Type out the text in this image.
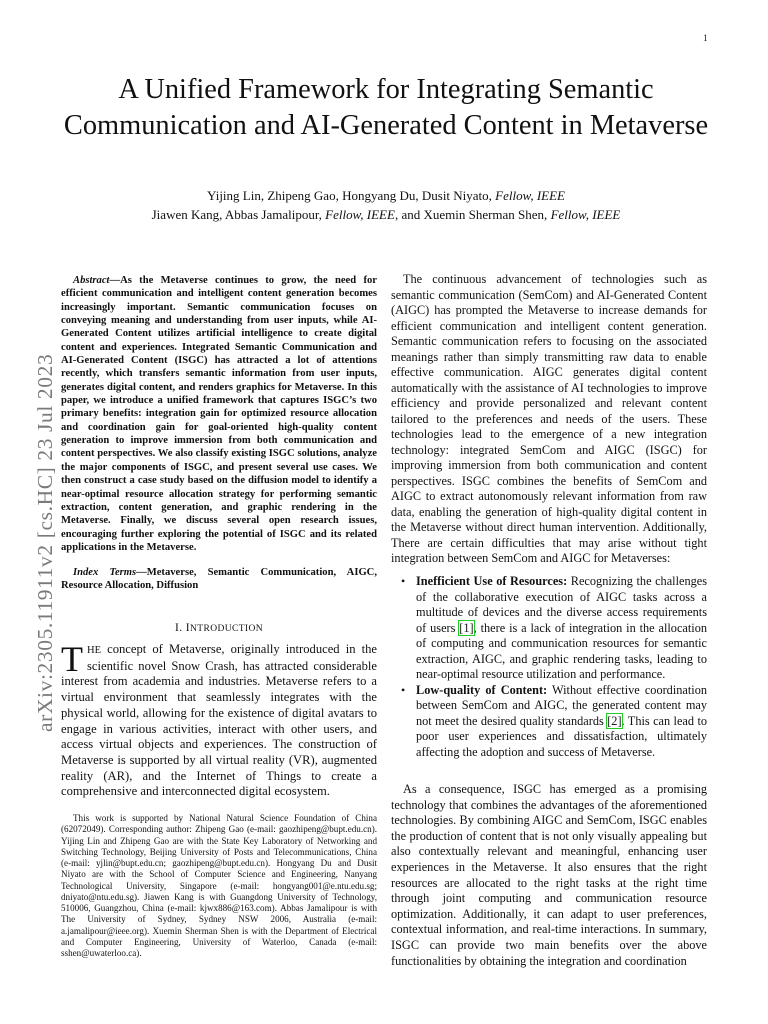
1
arXiv:2305.11911v2 [cs.HC] 23 Jul 2023
A Unified Framework for Integrating Semantic Communication and AI-Generated Content in Metaverse
Yijing Lin, Zhipeng Gao, Hongyang Du, Dusit Niyato, Fellow, IEEE
Jiawen Kang, Abbas Jamalipour, Fellow, IEEE, and Xuemin Sherman Shen, Fellow, IEEE
Abstract—As the Metaverse continues to grow, the need for efficient communication and intelligent content generation becomes increasingly important. Semantic communication focuses on conveying meaning and understanding from user inputs, while AI-Generated Content utilizes artificial intelligence to create digital content and experiences. Integrated Semantic Communication and AI-Generated Content (ISGC) has attracted a lot of attentions recently, which transfers semantic information from user inputs, generates digital content, and renders graphics for Metaverse. In this paper, we introduce a unified framework that captures ISGC’s two primary benefits: integration gain for optimized resource allocation and coordination gain for goal-oriented high-quality content generation to improve immersion from both communication and content perspectives. We also classify existing ISGC solutions, analyze the major components of ISGC, and present several use cases. We then construct a case study based on the diffusion model to identify a near-optimal resource allocation strategy for performing semantic extraction, content generation, and graphic rendering in the Metaverse. Finally, we discuss several open research issues, encouraging further exploring the potential of ISGC and its related applications in the Metaverse.
Index Terms—Metaverse, Semantic Communication, AIGC, Resource Allocation, Diffusion
I. INTRODUCTION
THE concept of Metaverse, originally introduced in the scientific novel Snow Crash, has attracted considerable interest from academia and industries. Metaverse refers to a virtual environment that seamlessly integrates with the physical world, allowing for the existence of digital avatars to engage in various activities, interact with other users, and access virtual objects and experiences. The construction of Metaverse is supported by all virtual reality (VR), augmented reality (AR), and the Internet of Things to create a comprehensive and interconnected digital ecosystem.
This work is supported by National Natural Science Foundation of China (62072049). Corresponding author: Zhipeng Gao (e-mail: gaozhipeng@bupt.edu.cn). Yijing Lin and Zhipeng Gao are with the State Key Laboratory of Networking and Switching Technology, Beijing University of Posts and Telecommunications, China (e-mail: yjlin@bupt.edu.cn; gaozhipeng@bupt.edu.cn). Hongyang Du and Dusit Niyato are with the School of Computer Science and Engineering, Nanyang Technological University, Singapore (e-mail: hongyang001@e.ntu.edu.sg; dniyato@ntu.edu.sg). Jiawen Kang is with Guangdong University of Technology, 510006, Guangzhou, China (e-mail: kjwx886@163.com). Abbas Jamalipour is with The University of Sydney, Sydney NSW 2006, Australia (e-mail: a.jamalipour@ieee.org). Xuemin Sherman Shen is with the Department of Electrical and Computer Engineering, University of Waterloo, Canada (e-mail: sshen@uwaterloo.ca).

The continuous advancement of technologies such as semantic communication (SemCom) and AI-Generated Content (AIGC) has prompted the Metaverse to increase demands for efficient communication and intelligent content generation. Semantic communication refers to focusing on the associated meanings rather than simply transmitting raw data to enable effective communication. AIGC generates digital content automatically with the assistance of AI technologies to improve efficiency and provide personalized and relevant content tailored to the preferences and needs of the users. These technologies lead to the emergence of a new integration technology: integrated SemCom and AIGC (ISGC) for improving immersion from both communication and content perspectives. ISGC combines the benefits of SemCom and AIGC to extract autonomously relevant information from raw data, enabling the generation of high-quality digital content in the Metaverse without direct human intervention. Additionally, There are certain difficulties that may arise without tight integration between SemCom and AIGC for Metaverses:

• Inefficient Use of Resources: Recognizing the challenges of the collaborative execution of AIGC tasks across a multitude of devices and the diverse access requirements of users [1], there is a lack of integration in the allocation of computing and communication resources for semantic extraction, AIGC, and graphic rendering tasks, leading to near-optimal resource utilization and performance.
• Low-quality of Content: Without effective coordination between SemCom and AIGC, the generated content may not meet the desired quality standards [2]. This can lead to poor user experiences and dissatisfaction, ultimately affecting the adoption and success of Metaverse.

As a consequence, ISGC has emerged as a promising technology that combines the advantages of the aforementioned technologies. By combining AIGC and SemCom, ISGC enables the production of content that is not only visually appealing but also contextually relevant and meaningful, enhancing user experiences in the Metaverse. It also ensures that the right resources are allocated to the right tasks at the right time through joint computing and communication resource optimization. Additionally, it can adapt to user preferences, contextual information, and real-time interactions. In summary, ISGC can provide two main benefits over the above functionalities by obtaining the integration and coordination
